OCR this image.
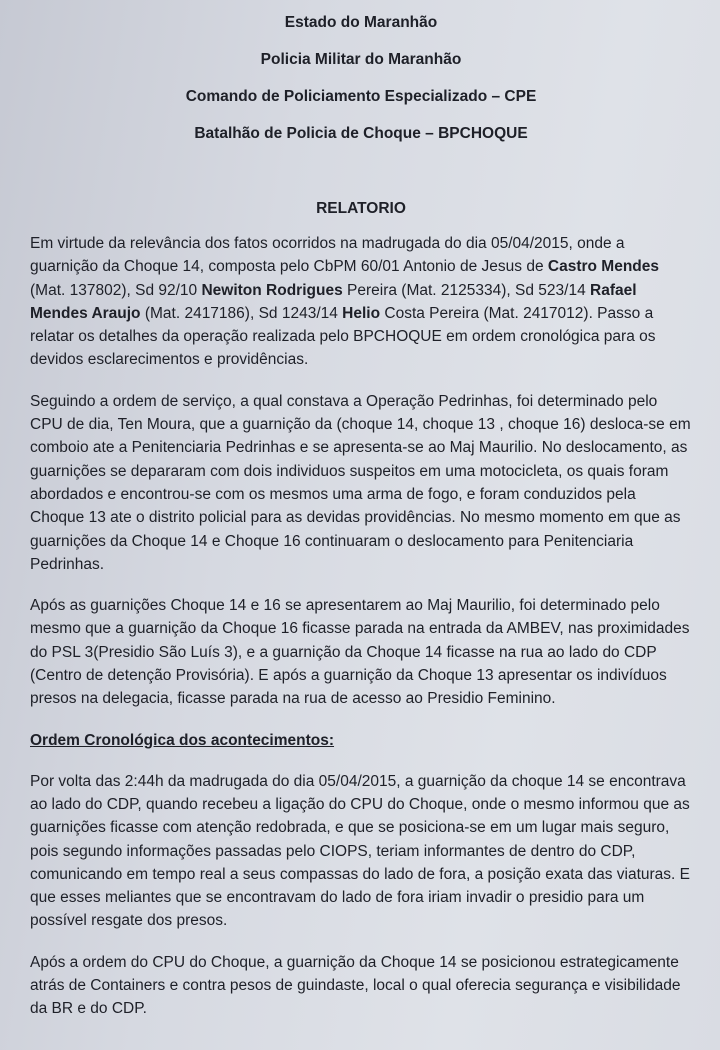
Estado do Maranhão

Policia Militar do Maranhão

Comando de Policiamento Especializado – CPE

Batalhão de Policia de Choque – BPCHOQUE

RELATORIO

Em virtude da relevância dos fatos ocorridos na madrugada do dia 05/04/2015, onde a guarnição da Choque 14, composta pelo CbPM 60/01 Antonio de Jesus de Castro Mendes (Mat. 137802), Sd 92/10 Newiton Rodrigues Pereira (Mat. 2125334), Sd 523/14 Rafael Mendes Araujo (Mat. 2417186), Sd 1243/14 Helio Costa Pereira (Mat. 2417012). Passo a relatar os detalhes da operação realizada pelo BPCHOQUE em ordem cronológica para os devidos esclarecimentos e providências.

Seguindo a ordem de serviço, a qual constava a Operação Pedrinhas, foi determinado pelo CPU de dia, Ten Moura, que a guarnição da (choque 14, choque 13 , choque 16) desloca-se em comboio ate a Penitenciaria Pedrinhas e se apresenta-se ao Maj Maurilio. No deslocamento, as guarnições se depararam com dois individuos suspeitos em uma motocicleta, os quais foram abordados e encontrou-se com os mesmos uma arma de fogo, e foram conduzidos pela Choque 13 ate o distrito policial para as devidas providências. No mesmo momento em que as guarnições da Choque 14 e Choque 16 continuaram o deslocamento para Penitenciaria Pedrinhas.

Após as guarnições Choque 14 e 16 se apresentarem ao Maj Maurilio, foi determinado pelo mesmo que a guarnição da Choque 16 ficasse parada na entrada da AMBEV, nas proximidades do PSL 3(Presidio São Luís 3), e a guarnição da Choque 14 ficasse na rua ao lado do CDP (Centro de detenção Provisória). E após a guarnição da Choque 13 apresentar os indivíduos presos na delegacia, ficasse parada na rua de acesso ao Presidio Feminino.

Ordem Cronológica dos acontecimentos:

Por volta das 2:44h da madrugada do dia 05/04/2015, a guarnição da choque 14 se encontrava ao lado do CDP, quando recebeu a ligação do CPU do Choque, onde o mesmo informou que as guarnições ficasse com atenção redobrada, e que se posiciona-se em um lugar mais seguro, pois segundo informações passadas pelo CIOPS, teriam informantes de dentro do CDP, comunicando em tempo real a seus compassas do lado de fora, a posição exata das viaturas. E que esses meliantes que se encontravam do lado de fora iriam invadir o presidio para um possível resgate dos presos.

Após a ordem do CPU do Choque, a guarnição da Choque 14 se posicionou estrategicamente atrás de Containers e contra pesos de guindaste, local o qual oferecia segurança e visibilidade da BR e do CDP.
